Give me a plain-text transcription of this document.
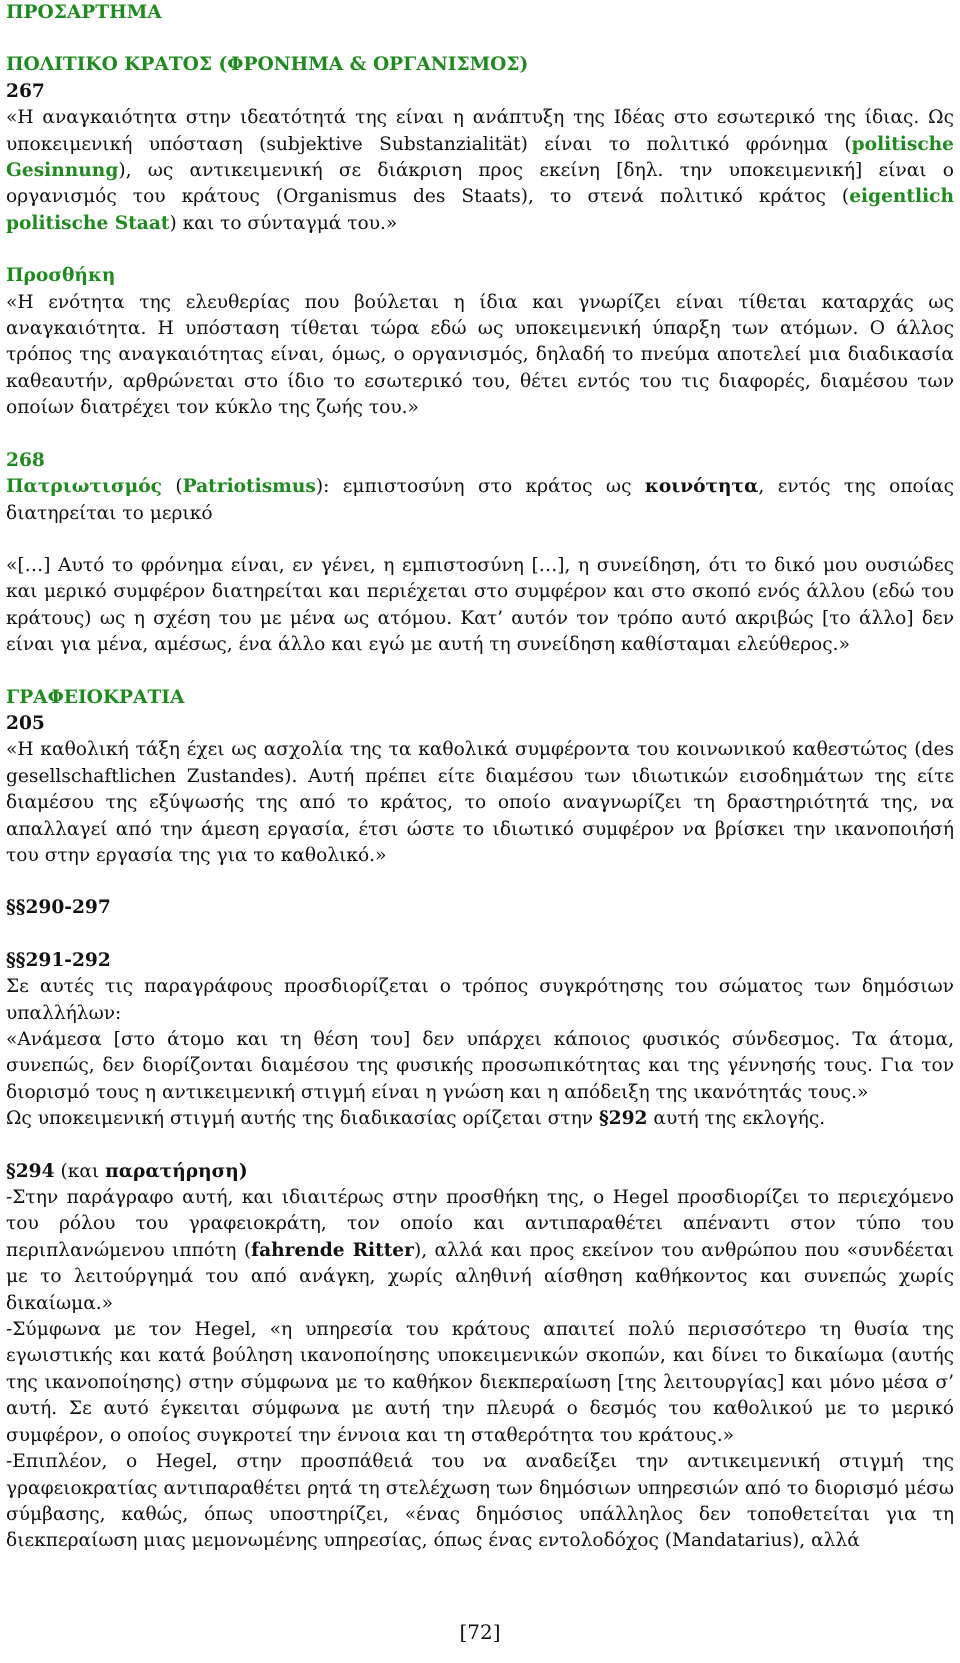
ΠΡΟΣΑΡΤΗΜΑ

ΠΟΛΙΤΙΚΟ ΚΡΑΤΟΣ (ΦΡΟΝΗΜΑ & ΟΡΓΑΝΙΣΜΟΣ)

267

«Η αναγκαιότητα στην ιδεατότητά της είναι η ανάπτυξη της Ιδέας στο εσωτερικό της ίδιας. Ως υποκειμενική υπόσταση (subjektive Substanzialität) είναι το πολιτικό φρόνημα (politische Gesinnung), ως αντικειμενική σε διάκριση προς εκείνη [δηλ. την υποκειμενική] είναι ο οργανισμός του κράτους (Organismus des Staats), το στενά πολιτικό κράτος (eigentlich politische Staat) και το σύνταγμά του.»

Προσθήκη

«Η ενότητα της ελευθερίας που βούλεται η ίδια και γνωρίζει είναι τίθεται καταρχάς ως αναγκαιότητα. Η υπόσταση τίθεται τώρα εδώ ως υποκειμενική ύπαρξη των ατόμων. Ο άλλος τρόπος της αναγκαιότητας είναι, όμως, ο οργανισμός, δηλαδή το πνεύμα αποτελεί μια διαδικασία καθεαυτήν, αρθρώνεται στο ίδιο το εσωτερικό του, θέτει εντός του τις διαφορές, διαμέσου των οποίων διατρέχει τον κύκλο της ζωής του.»

268

Πατριωτισμός (Patriotismus): εμπιστοσύνη στο κράτος ως κοινότητα, εντός της οποίας διατηρείται το μερικό

«[…] Αυτό το φρόνημα είναι, εν γένει, η εμπιστοσύνη […], η συνείδηση, ότι το δικό μου ουσιώδες και μερικό συμφέρον διατηρείται και περιέχεται στο συμφέρον και στο σκοπό ενός άλλου (εδώ του κράτους) ως η σχέση του με μένα ως ατόμου. Κατ’ αυτόν τον τρόπο αυτό ακριβώς [το άλλο] δεν είναι για μένα, αμέσως, ένα άλλο και εγώ με αυτή τη συνείδηση καθίσταμαι ελεύθερος.»

ΓΡΑΦΕΙΟΚΡΑΤΙΑ

205

«Η καθολική τάξη έχει ως ασχολία της τα καθολικά συμφέροντα του κοινωνικού καθεστώτος (des gesellschaftlichen Zustandes). Αυτή πρέπει είτε διαμέσου των ιδιωτικών εισοδημάτων της είτε διαμέσου της εξύψωσής της από το κράτος, το οποίο αναγνωρίζει τη δραστηριότητά της, να απαλλαγεί από την άμεση εργασία, έτσι ώστε το ιδιωτικό συμφέρον να βρίσκει την ικανοποιήσή του στην εργασία της για το καθολικό.»

§§290-297

§§291-292

Σε αυτές τις παραγράφους προσδιορίζεται ο τρόπος συγκρότησης του σώματος των δημόσιων υπαλλήλων:

«Ανάμεσα [στο άτομο και τη θέση του] δεν υπάρχει κάποιος φυσικός σύνδεσμος. Τα άτομα, συνεπώς, δεν διορίζονται διαμέσου της φυσικής προσωπικότητας και της γέννησής τους. Για τον διορισμό τους η αντικειμενική στιγμή είναι η γνώση και η απόδειξη της ικανότητάς τους.»

Ως υποκειμενική στιγμή αυτής της διαδικασίας ορίζεται στην §292 αυτή της εκλογής.

§294 (και παρατήρηση)

-Στην παράγραφο αυτή, και ιδιαιτέρως στην προσθήκη της, ο Hegel προσδιορίζει το περιεχόμενο του ρόλου του γραφειοκράτη, τον οποίο και αντιπαραθέτει απέναντι στον τύπο του περιπλανώμενου ιππότη (fahrende Ritter), αλλά και προς εκείνον του ανθρώπου που «συνδέεται με το λειτούργημά του από ανάγκη, χωρίς αληθινή αίσθηση καθήκοντος και συνεπώς χωρίς δικαίωμα.»

-Σύμφωνα με τον Hegel, «η υπηρεσία του κράτους απαιτεί πολύ περισσότερο τη θυσία της εγωιστικής και κατά βούληση ικανοποίησης υποκειμενικών σκοπών, και δίνει το δικαίωμα (αυτής της ικανοποίησης) στην σύμφωνα με το καθήκον διεκπεραίωση [της λειτουργίας] και μόνο μέσα σ’ αυτή. Σε αυτό έγκειται σύμφωνα με αυτή την πλευρά ο δεσμός του καθολικού με το μερικό συμφέρον, ο οποίος συγκροτεί την έννοια και τη σταθερότητα του κράτους.»

-Επιπλέον, ο Hegel, στην προσπάθειά του να αναδείξει την αντικειμενική στιγμή της γραφειοκρατίας αντιπαραθέτει ρητά τη στελέχωση των δημόσιων υπηρεσιών από το διορισμό μέσω σύμβασης, καθώς, όπως υποστηρίζει, «ένας δημόσιος υπάλληλος δεν τοποθετείται για τη διεκπεραίωση μιας μεμονωμένης υπηρεσίας, όπως ένας εντολοδόχος (Mandatarius), αλλά

[72]
